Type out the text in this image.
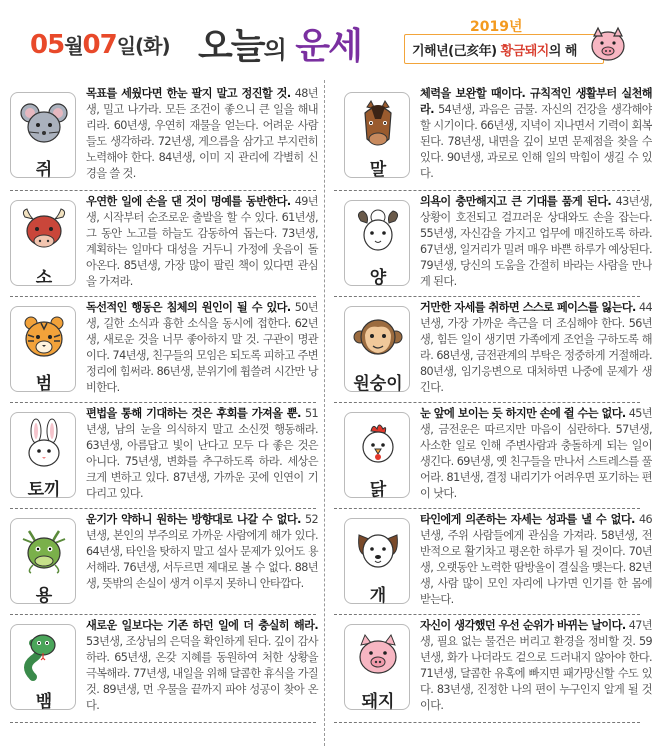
05월07일(화) 오늘의 운세	2019년
기해년(己亥年) 황금돼지의 해
쥐
목표를 세웠다면 한눈 팔지 말고 정진할 것. 48년생, 밀고 나가라. 모든 조건이 좋으니 큰 일을 해내리라. 60년생, 우연히 재물을 얻는다. 어려운 사람들도 생각하라. 72년생, 게으름을 삼가고 부지런히 노력해야 한다. 84년생, 이미 지 관리에 각별히 신경을 쓸 것.	말
체력을 보완할 때이다. 규칙적인 생활부터 실천해라. 54년생, 과음은 금물. 자신의 건강을 생각해야 할 시기이다. 66년생, 지녁이 지나면서 기력이 회복된다. 78년생, 내면을 깊이 보면 문제점을 찾을 수 있다. 90년생, 과로로 인해 일의 막힘이 생길 수 있다.
소
우연한 일에 손을 댄 것이 명예를 동반한다. 49년생, 시작부터 순조로운 출발을 할 수 있다. 61년생, 그 동안 노고를 하늘도 감동하여 돕는다. 73년생, 계획하는 일마다 대성을 거두니 가정에 웃음이 돌아온다. 85년생, 가장 많이 팔린 책이 있다면 관심을 가져라.	양
의욕이 충만해지고 큰 기대를 품게 된다. 43년생, 상황이 호전되고 걸끄러운 상대와도 손을 잡는다. 55년생, 자신감을 가지고 업무에 매진하도록 하라. 67년생, 일거리가 밀려 매우 바쁜 하루가 예상된다. 79년생, 당신의 도움을 간절히 바라는 사람을 만나게 된다.
범
독선적인 행동은 침체의 원인이 될 수 있다. 50년생, 길한 소식과 흉한 소식을 동시에 접한다. 62년생, 새로운 것을 너무 좋아하지 말 것. 구관이 명관이다. 74년생, 친구들의 모임은 되도록 피하고 주변 정리에 힘써라. 86년생, 분위기에 휩쓸려 시간만 낭비한다.	원숭이
거만한 자세를 취하면 스스로 페이스를 잃는다. 44년생, 가장 가까운 측근을 더 조심해야 한다. 56년생, 힘든 일이 생기면 가족에게 조언을 구하도록 해라. 68년생, 금전관계의 부탁은 정중하게 거절해라. 80년생, 임기응변으로 대처하면 나중에 문제가 생긴다.
토끼
편법을 통해 기대하는 것은 후회를 가져올 뿐. 51년생, 남의 눈을 의식하지 말고 소신껏 행동해라. 63년생, 아름답고 빛이 난다고 모두 다 좋은 것은 아니다. 75년생, 변화를 추구하도록 하라. 세상은 크게 변하고 있다. 87년생, 가까운 곳에 인연이 기다리고 있다.	닭
눈 앞에 보이는 듯 하지만 손에 쥘 수는 없다. 45년생, 금전운은 따르지만 마음이 심란하다. 57년생, 사소한 일로 인해 주변사람과 충돌하게 되는 일이 생긴다. 69년생, 옛 친구들을 만나서 스트레스를 풀어라. 81년생, 결정 내리기가 어려우면 포기하는 편이 낫다.
용
운기가 약하니 원하는 방향대로 나갈 수 없다. 52년생, 본인의 부주의로 가까운 사람에게 해가 있다. 64년생, 타인을 탓하지 말고 설사 문제가 있어도 용서해라. 76년생, 서두르면 제대로 볼 수 없다. 88년생, 뜻밖의 손실이 생겨 이루지 못하니 안타깝다.
개
타인에게 의존하는 자세는 성과를 낼 수 없다. 46년생, 주위 사람들에게 관심을 가져라. 58년생, 전반적으로 활기차고 평온한 하루가 될 것이다. 70년생, 오랫동안 노력한 땀방울이 결실을 맺는다. 82년생, 사람 많이 모인 자리에 나가면 인기를 한 몸에 받는다.
뱀
새로운 일보다는 기존 하던 일에 더 충실히 해라. 53년생, 조상님의 은덕을 확인하게 된다. 깊이 감사하라. 65년생, 온갖 지혜를 동원하여 처한 상황을 극복해라. 77년생, 내일을 위해 달콤한 휴식을 가질 것. 89년생, 먼 우물을 끝까지 파야 성공이 찾아 온다.	돼지
자신이 생각했던 우선 순위가 바뀌는 날이다. 47년생, 필요 없는 물건은 버리고 환경을 정비할 것. 59년생, 화가 나더라도 겉으로 드러내지 않아야 한다. 71년생, 달콤한 유혹에 빠지면 패가망신할 수도 있다. 83년생, 진정한 나의 편이 누구인지 알게 될 것이다.
